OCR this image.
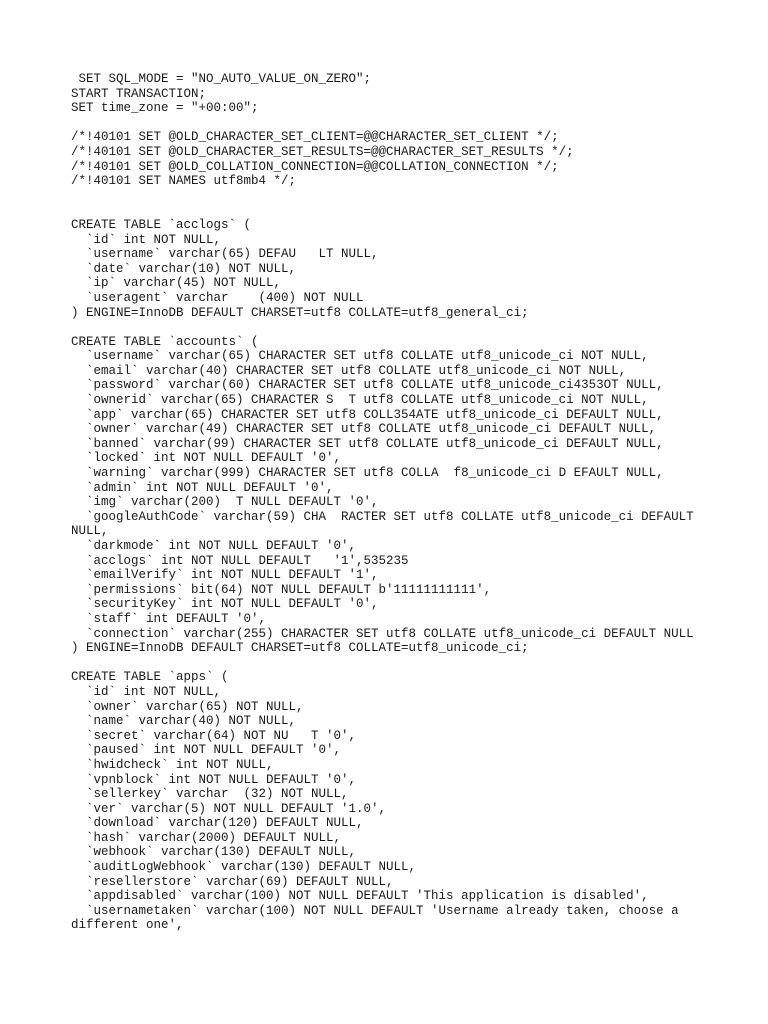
SET SQL_MODE = "NO_AUTO_VALUE_ON_ZERO";
START TRANSACTION;
SET time_zone = "+00:00";
/*!40101 SET @OLD_CHARACTER_SET_CLIENT=@@CHARACTER_SET_CLIENT */;
/*!40101 SET @OLD_CHARACTER_SET_RESULTS=@@CHARACTER_SET_RESULTS */;
/*!40101 SET @OLD_COLLATION_CONNECTION=@@COLLATION_CONNECTION */;
/*!40101 SET NAMES utf8mb4 */;
CREATE TABLE `acclogs` (
`id` int NOT NULL,
`username` varchar(65) DEFAU   LT NULL,
`date` varchar(10) NOT NULL,
`ip` varchar(45) NOT NULL,
`useragent` varchar    (400) NOT NULL
) ENGINE=InnoDB DEFAULT CHARSET=utf8 COLLATE=utf8_general_ci;
CREATE TABLE `accounts` (
`username` varchar(65) CHARACTER SET utf8 COLLATE utf8_unicode_ci NOT NULL,
`email` varchar(40) CHARACTER SET utf8 COLLATE utf8_unicode_ci NOT NULL,
`password` varchar(60) CHARACTER SET utf8 COLLATE utf8_unicode_ci4353OT NULL,
`ownerid` varchar(65) CHARACTER S  T utf8 COLLATE utf8_unicode_ci NOT NULL,
`app` varchar(65) CHARACTER SET utf8 COLL354ATE utf8_unicode_ci DEFAULT NULL,
`owner` varchar(49) CHARACTER SET utf8 COLLATE utf8_unicode_ci DEFAULT NULL,
`banned` varchar(99) CHARACTER SET utf8 COLLATE utf8_unicode_ci DEFAULT NULL,
`locked` int NOT NULL DEFAULT '0',
`warning` varchar(999) CHARACTER SET utf8 COLLA  f8_unicode_ci D EFAULT NULL,
`admin` int NOT NULL DEFAULT '0',
`img` varchar(200)  T NULL DEFAULT '0',
`googleAuthCode` varchar(59) CHA  RACTER SET utf8 COLLATE utf8_unicode_ci DEFAULT
NULL,
`darkmode` int NOT NULL DEFAULT '0',
`acclogs` int NOT NULL DEFAULT   '1',535235
`emailVerify` int NOT NULL DEFAULT '1',
`permissions` bit(64) NOT NULL DEFAULT b'11111111111',
`securityKey` int NOT NULL DEFAULT '0',
`staff` int DEFAULT '0',
`connection` varchar(255) CHARACTER SET utf8 COLLATE utf8_unicode_ci DEFAULT NULL
) ENGINE=InnoDB DEFAULT CHARSET=utf8 COLLATE=utf8_unicode_ci;
CREATE TABLE `apps` (
`id` int NOT NULL,
`owner` varchar(65) NOT NULL,
`name` varchar(40) NOT NULL,
`secret` varchar(64) NOT NU   T '0',
`paused` int NOT NULL DEFAULT '0',
`hwidcheck` int NOT NULL,
`vpnblock` int NOT NULL DEFAULT '0',
`sellerkey` varchar  (32) NOT NULL,
`ver` varchar(5) NOT NULL DEFAULT '1.0',
`download` varchar(120) DEFAULT NULL,
`hash` varchar(2000) DEFAULT NULL,
`webhook` varchar(130) DEFAULT NULL,
`auditLogWebhook` varchar(130) DEFAULT NULL,
`resellerstore` varchar(69) DEFAULT NULL,
`appdisabled` varchar(100) NOT NULL DEFAULT 'This application is disabled',
`usernametaken` varchar(100) NOT NULL DEFAULT 'Username already taken, choose a
different one',
